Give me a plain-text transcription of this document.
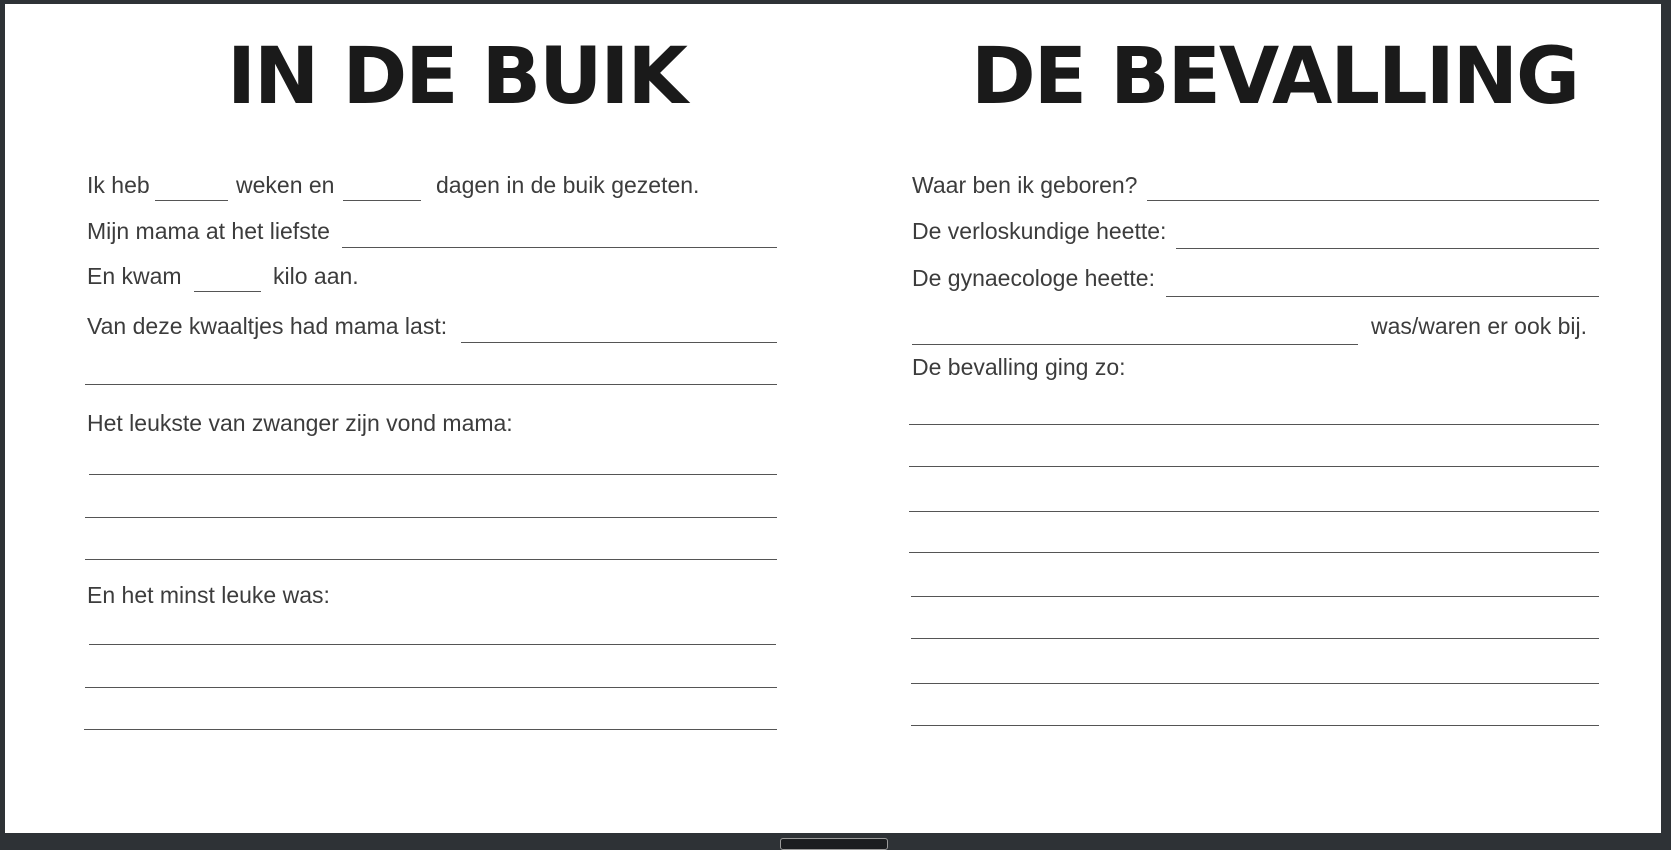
IN DE BUIK
Ik heb	weken en	dagen in de buik gezeten.
Mijn mama at het liefste
En kwam	kilo aan.
Van deze kwaaltjes had mama last:
Het leukste van zwanger zijn vond mama:
En het minst leuke was:
DE BEVALLING
Waar ben ik geboren?
De verloskundige heette:
De gynaecologe heette:
was/waren er ook bij.
De bevalling ging zo:
